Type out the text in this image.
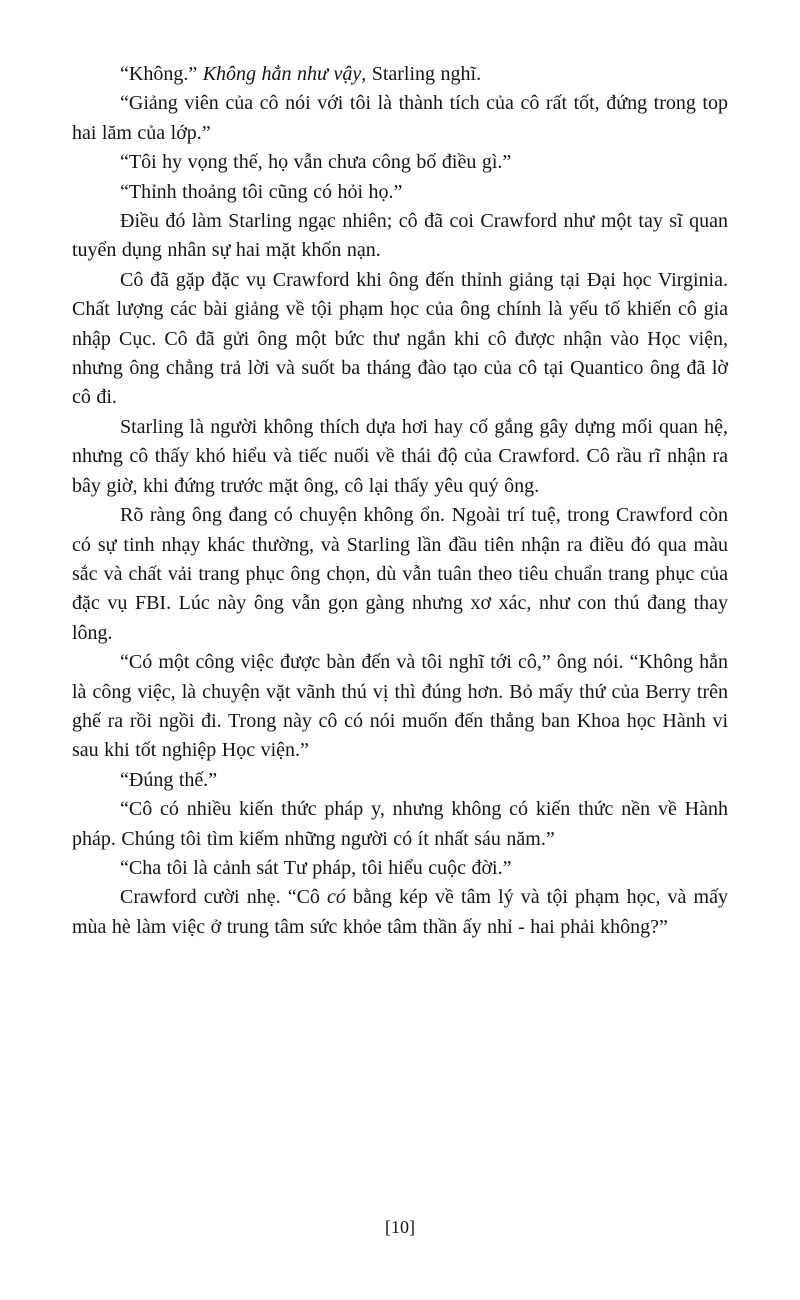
“Không.” Không hẳn như vậy, Starling nghĩ.

“Giảng viên của cô nói với tôi là thành tích của cô rất tốt, đứng trong top hai lăm của lớp.”

“Tôi hy vọng thế, họ vẫn chưa công bố điều gì.”

“Thỉnh thoảng tôi cũng có hỏi họ.”

Điều đó làm Starling ngạc nhiên; cô đã coi Crawford như một tay sĩ quan tuyển dụng nhân sự hai mặt khốn nạn.

Cô đã gặp đặc vụ Crawford khi ông đến thỉnh giảng tại Đại học Virginia. Chất lượng các bài giảng về tội phạm học của ông chính là yếu tố khiến cô gia nhập Cục. Cô đã gửi ông một bức thư ngắn khi cô được nhận vào Học viện, nhưng ông chẳng trả lời và suốt ba tháng đào tạo của cô tại Quantico ông đã lờ cô đi.

Starling là người không thích dựa hơi hay cố gắng gây dựng mối quan hệ, nhưng cô thấy khó hiểu và tiếc nuối về thái độ của Crawford. Cô rầu rĩ nhận ra bây giờ, khi đứng trước mặt ông, cô lại thấy yêu quý ông.

Rõ ràng ông đang có chuyện không ổn. Ngoài trí tuệ, trong Crawford còn có sự tinh nhạy khác thường, và Starling lần đầu tiên nhận ra điều đó qua màu sắc và chất vải trang phục ông chọn, dù vẫn tuân theo tiêu chuẩn trang phục của đặc vụ FBI. Lúc này ông vẫn gọn gàng nhưng xơ xác, như con thú đang thay lông.

“Có một công việc được bàn đến và tôi nghĩ tới cô,” ông nói. “Không hẳn là công việc, là chuyện vặt vãnh thú vị thì đúng hơn. Bỏ mấy thứ của Berry trên ghế ra rồi ngồi đi. Trong này cô có nói muốn đến thẳng ban Khoa học Hành vi sau khi tốt nghiệp Học viện.”

“Đúng thế.”

“Cô có nhiều kiến thức pháp y, nhưng không có kiến thức nền về Hành pháp. Chúng tôi tìm kiếm những người có ít nhất sáu năm.”

“Cha tôi là cảnh sát Tư pháp, tôi hiểu cuộc đời.”

Crawford cười nhẹ. “Cô có bằng kép về tâm lý và tội phạm học, và mấy mùa hè làm việc ở trung tâm sức khỏe tâm thần ấy nhỉ - hai phải không?”

[10]
